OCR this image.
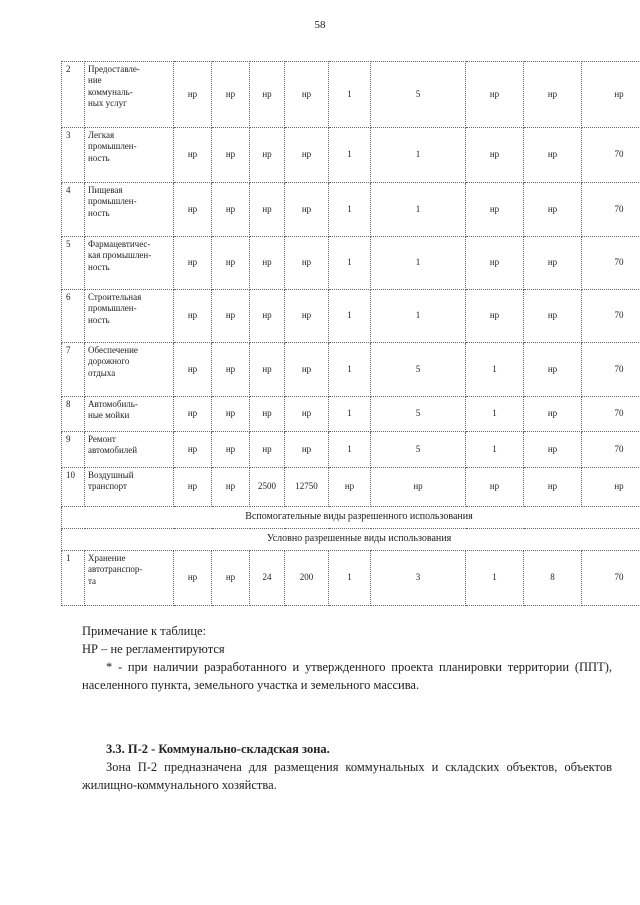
58
2	Предоставле-
ние
коммуналь-
ных услуг	нр	нр	нр	нр	1	5	нр	нр	нр
3	Легкая
промышлен-
ность	нр	нр	нр	нр	1	1	нр	нр	70
4	Пищевая
промышлен-
ность	нр	нр	нр	нр	1	1	нр	нр	70
5	Фармацевтичес-
кая промышлен-
ность	нр	нр	нр	нр	1	1	нр	нр	70
6	Строительная
промышлен-
ность	нр	нр	нр	нр	1	1	нр	нр	70
7	Обеспечение
дорожного
отдыха	нр	нр	нр	нр	1	5	1	нр	70
8	Автомобиль-
ные мойки	нр	нр	нр	нр	1	5	1	нр	70
9	Ремонт
автомобилей	нр	нр	нр	нр	1	5	1	нр	70
10	Воздушный
транспорт	нр	нр	2500	12750	нр	нр	нр	нр	нр
Вспомогательные виды разрешенного использования										
Условно разрешенные виды использования										
1	Хранение
автотранспор-
та	нр	нр	24	200	1	3	1	8	70

Примечание к таблице:

НР – не регламентируются

* - при наличии разработанного и утвержденного проекта планировки территории (ППТ), населенного пункта, земельного участка и земельного массива.

3.3. П-2 - Коммунально-складская зона.

Зона П-2 предназначена для размещения коммунальных и складских объектов, объектов жилищно-коммунального хозяйства.
